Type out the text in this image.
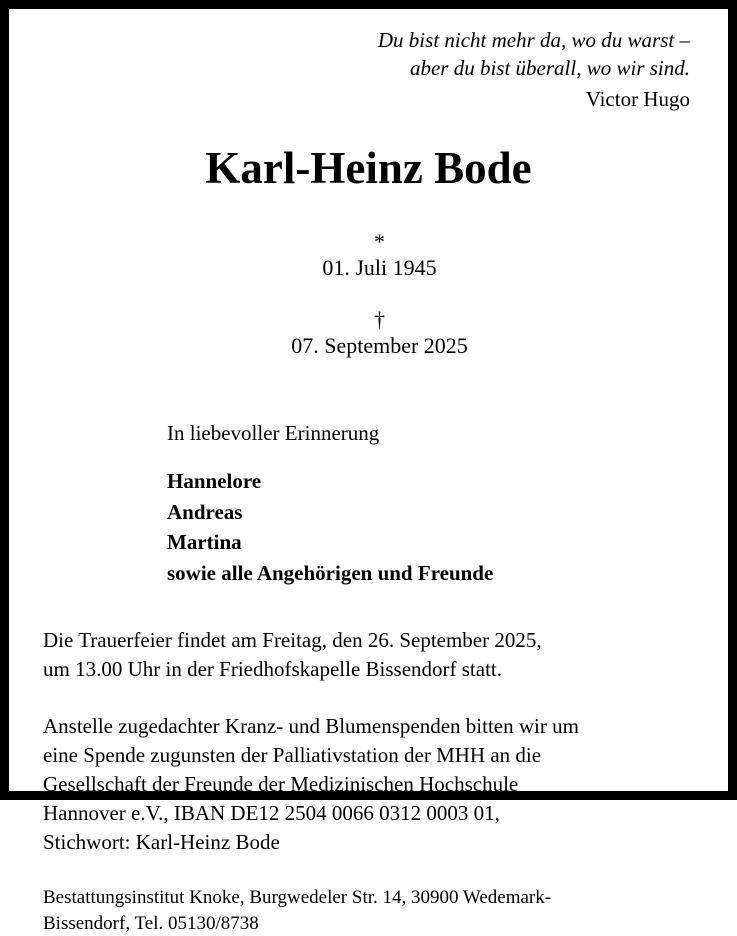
Du bist nicht mehr da, wo du warst –
aber du bist überall, wo wir sind.
Victor Hugo
Karl-Heinz Bode

*
01. Juli 1945

†
07. September 2025

In liebevoller Erinnerung
Hannelore
Andreas
Martina
sowie alle Angehörigen und Freunde
Die Trauerfeier findet am Freitag, den 26. September 2025,
um 13.00 Uhr in der Friedhofskapelle Bissendorf statt.
Anstelle zugedachter Kranz- und Blumenspenden bitten wir um
eine Spende zugunsten der Palliativstation der MHH an die
Gesellschaft der Freunde der Medizinischen Hochschule
Hannover e.V., IBAN DE12 2504 0066 0312 0003 01,
Stichwort: Karl-Heinz Bode
Bestattungsinstitut Knoke, Burgwedeler Str. 14, 30900 Wedemark-
Bissendorf, Tel. 05130/8738
